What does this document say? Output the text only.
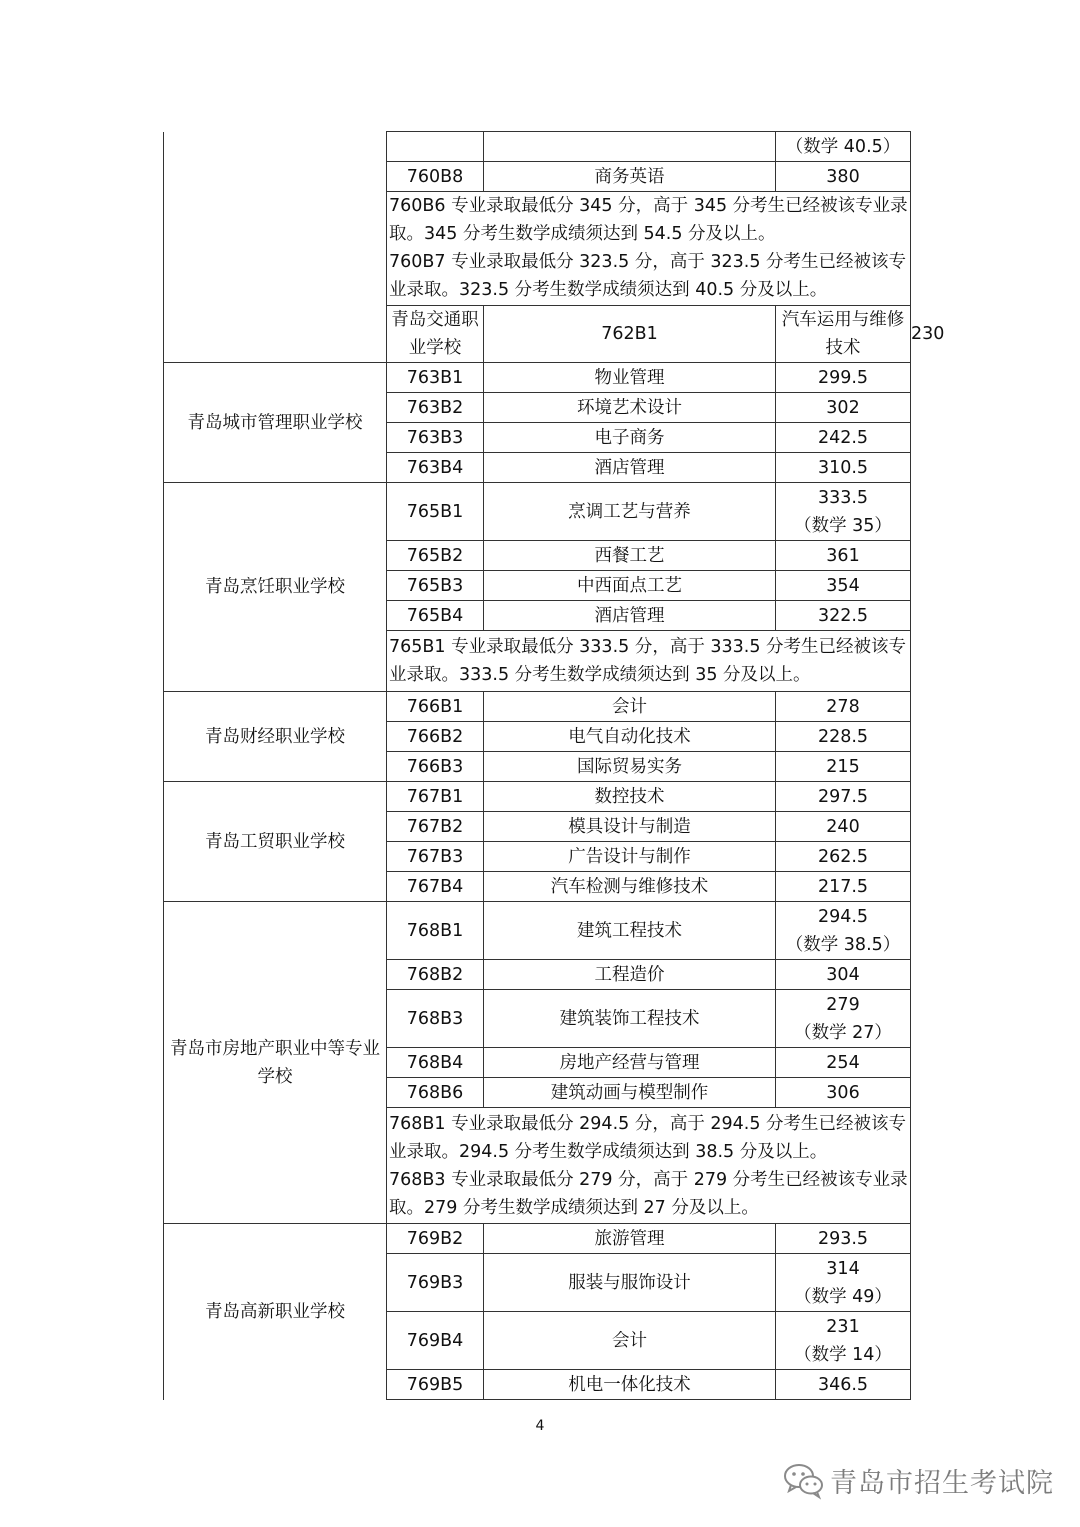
			（数学 40.5）	
	760B8	商务英语	380	

	760B6 专业录取最低分 345 分，高于 345 分考生已经被该专业录取。345 分考生数学成绩须达到 54.5 分及以上。
760B7 专业录取最低分 323.5 分，高于 323.5 分考生已经被该专业录取。323.5 分考生数学成绩须达到 40.5 分及以上。			

	青岛交通职业学校	762B1	汽车运用与维修技术	230
青岛城市管理职业学校	763B1	物业管理	299.5	
	763B2	环境艺术设计	302	
	763B3	电子商务	242.5	
	763B4	酒店管理	310.5	
青岛烹饪职业学校	765B1	烹调工艺与营养	333.5
（数学 35）	

	765B2	西餐工艺	361	
	765B3	中西面点工艺	354	
	765B4	酒店管理	322.5	

	765B1 专业录取最低分 333.5 分，高于 333.5 分考生已经被该专业录取。333.5 分考生数学成绩须达到 35 分及以上。			

青岛财经职业学校	766B1	会计	278	
	766B2	电气自动化技术	228.5	
	766B3	国际贸易实务	215	
青岛工贸职业学校	767B1	数控技术	297.5	
	767B2	模具设计与制造	240	
	767B3	广告设计与制作	262.5	
	767B4	汽车检测与维修技术	217.5	
青岛市房地产职业中等专业学校	768B1	建筑工程技术	294.5
（数学 38.5）	

	768B2	工程造价	304	
	768B3	建筑装饰工程技术	279
（数学 27）	

	768B4	房地产经营与管理	254	
	768B6	建筑动画与模型制作	306	

	768B1 专业录取最低分 294.5 分，高于 294.5 分考生已经被该专业录取。294.5 分考生数学成绩须达到 38.5 分及以上。
768B3 专业录取最低分 279 分，高于 279 分考生已经被该专业录取。279 分考生数学成绩须达到 27 分及以上。			

青岛高新职业学校	769B2	旅游管理	293.5	
	769B3	服装与服饰设计	314
（数学 49）	

	769B4	会计	231
（数学 14）	

	769B5	机电一体化技术	346.5	
4
青岛市招生考试院
